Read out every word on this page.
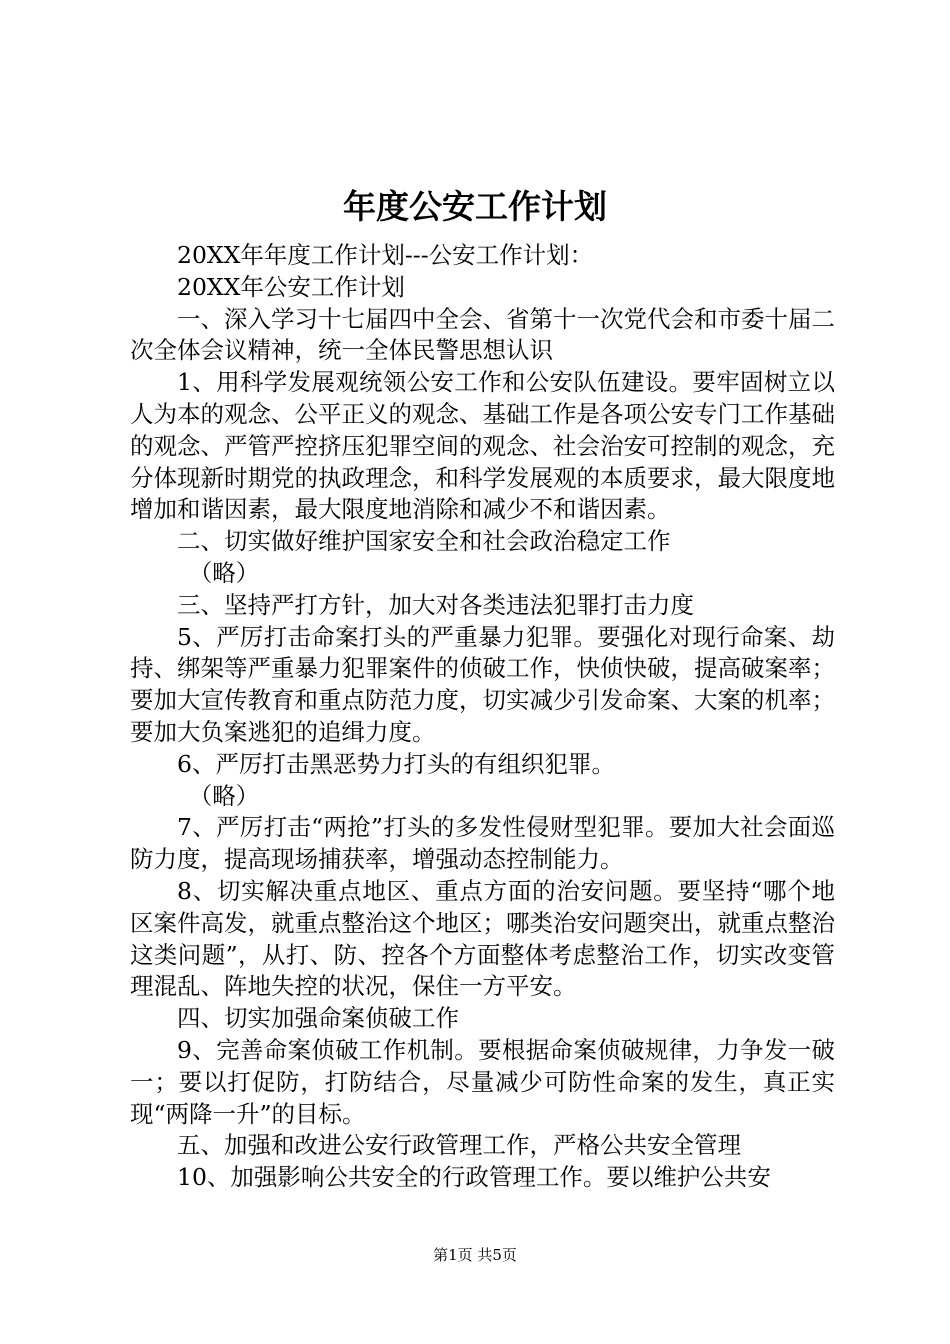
年度公安工作计划

20XX年年度工作计划---公安工作计划：

20XX年公安工作计划

一、深入学习十七届四中全会、省第十一次党代会和市委十届二次全体会议精神，统一全体民警思想认识

1、用科学发展观统领公安工作和公安队伍建设。要牢固树立以人为本的观念、公平正义的观念、基础工作是各项公安专门工作基础的观念、严管严控挤压犯罪空间的观念、社会治安可控制的观念，充分体现新时期党的执政理念，和科学发展观的本质要求，最大限度地增加和谐因素，最大限度地消除和减少不和谐因素。

二、切实做好维护国家安全和社会政治稳定工作

（略）

三、坚持严打方针，加大对各类违法犯罪打击力度

5、严厉打击命案打头的严重暴力犯罪。要强化对现行命案、劫持、绑架等严重暴力犯罪案件的侦破工作，快侦快破，提高破案率；要加大宣传教育和重点防范力度，切实减少引发命案、大案的机率；要加大负案逃犯的追缉力度。

6、严厉打击黑恶势力打头的有组织犯罪。

（略）

7、严厉打击“两抢”打头的多发性侵财型犯罪。要加大社会面巡防力度，提高现场捕获率，增强动态控制能力。

8、切实解决重点地区、重点方面的治安问题。要坚持“哪个地区案件高发，就重点整治这个地区；哪类治安问题突出，就重点整治这类问题”，从打、防、控各个方面整体考虑整治工作，切实改变管理混乱、阵地失控的状况，保住一方平安。

四、切实加强命案侦破工作

9、完善命案侦破工作机制。要根据命案侦破规律，力争发一破一；要以打促防，打防结合，尽量减少可防性命案的发生，真正实现“两降一升”的目标。

五、加强和改进公安行政管理工作，严格公共安全管理

10、加强影响公共安全的行政管理工作。要以维护公共安

第1页 共5页
